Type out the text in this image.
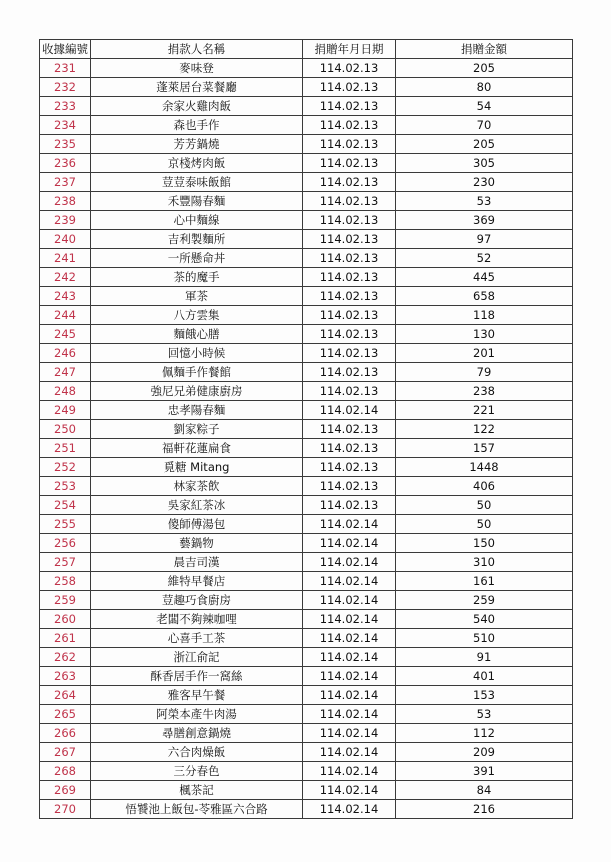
收據編號	捐款人名稱	捐贈年月日期	捐贈金額
231	麥味登	114.02.13	205
232	蓬萊居台菜餐廳	114.02.13	80
233	余家火雞肉飯	114.02.13	54
234	森也手作	114.02.13	70
235	芳芳鍋燒	114.02.13	205
236	京棧烤肉飯	114.02.13	305
237	荳荳泰味飯館	114.02.13	230
238	禾豐陽春麵	114.02.13	53
239	心中麵線	114.02.13	369
240	吉利製麵所	114.02.13	97
241	一所懸命丼	114.02.13	52
242	茶的魔手	114.02.13	445
243	軍茶	114.02.13	658
244	八方雲集	114.02.13	118
245	麵餓心膳	114.02.13	130
246	回憶小時候	114.02.13	201
247	佩麵手作餐館	114.02.13	79
248	強尼兄弟健康廚房	114.02.13	238
249	忠孝陽春麵	114.02.14	221
250	劉家粽子	114.02.13	122
251	福軒花蓮扁食	114.02.13	157
252	覓糖 Mitang	114.02.13	1448
253	林家茶飲	114.02.13	406
254	吳家紅茶冰	114.02.13	50
255	傻師傅湯包	114.02.14	50
256	藝鍋物	114.02.14	150
257	晨吉司漢	114.02.14	310
258	維特早餐店	114.02.14	161
259	荳趣巧食廚房	114.02.14	259
260	老闆不夠辣咖哩	114.02.14	540
261	心喜手工茶	114.02.14	510
262	浙江俞記	114.02.14	91
263	酥香居手作一窩絲	114.02.14	401
264	雅客早午餐	114.02.14	153
265	阿榮本產牛肉湯	114.02.14	53
266	尋膳創意鍋燒	114.02.14	112
267	六合肉燥飯	114.02.14	209
268	三分春色	114.02.14	391
269	楓茶記	114.02.14	84
270	悟饕池上飯包-苓雅區六合路	114.02.14	216
